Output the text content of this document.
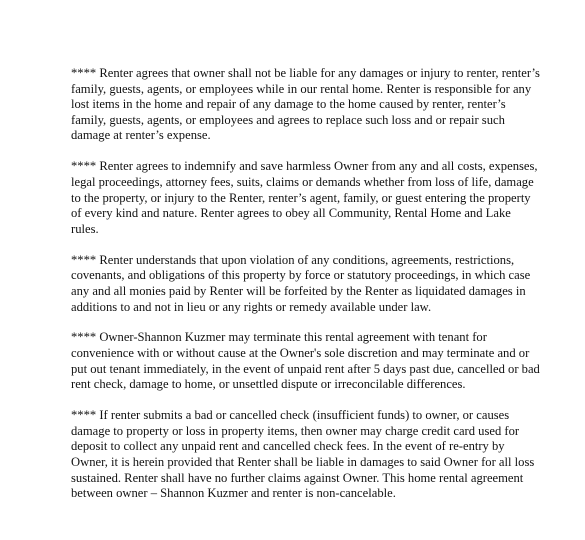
**** Renter agrees that owner shall not be liable for any damages or injury to renter, renter’s
family, guests, agents, or employees while in our rental home. Renter is responsible for any
lost items in the home and repair of any damage to the home caused by renter, renter’s
family, guests, agents, or employees and agrees to replace such loss and or repair such
damage at renter’s expense.

**** Renter agrees to indemnify and save harmless Owner from any and all costs, expenses,
legal proceedings, attorney fees, suits, claims or demands whether from loss of life, damage
to the property, or injury to the Renter, renter’s agent, family, or guest entering the property
of every kind and nature. Renter agrees to obey all Community, Rental Home and Lake
rules.

**** Renter understands that upon violation of any conditions, agreements, restrictions,
covenants, and obligations of this property by force or statutory proceedings, in which case
any and all monies paid by Renter will be forfeited by the Renter as liquidated damages in
additions to and not in lieu or any rights or remedy available under law.

**** Owner-Shannon Kuzmer may terminate this rental agreement with tenant for
convenience with or without cause at the Owner's sole discretion and may terminate and or
put out tenant immediately, in the event of unpaid rent after 5 days past due, cancelled or bad
rent check, damage to home, or unsettled dispute or irreconcilable differences.

**** If renter submits a bad or cancelled check (insufficient funds) to owner, or causes
damage to property or loss in property items, then owner may charge credit card used for
deposit to collect any unpaid rent and cancelled check fees. In the event of re-entry by
Owner, it is herein provided that Renter shall be liable in damages to said Owner for all loss
sustained. Renter shall have no further claims against Owner. This home rental agreement
between owner – Shannon Kuzmer and renter is non-cancelable.
